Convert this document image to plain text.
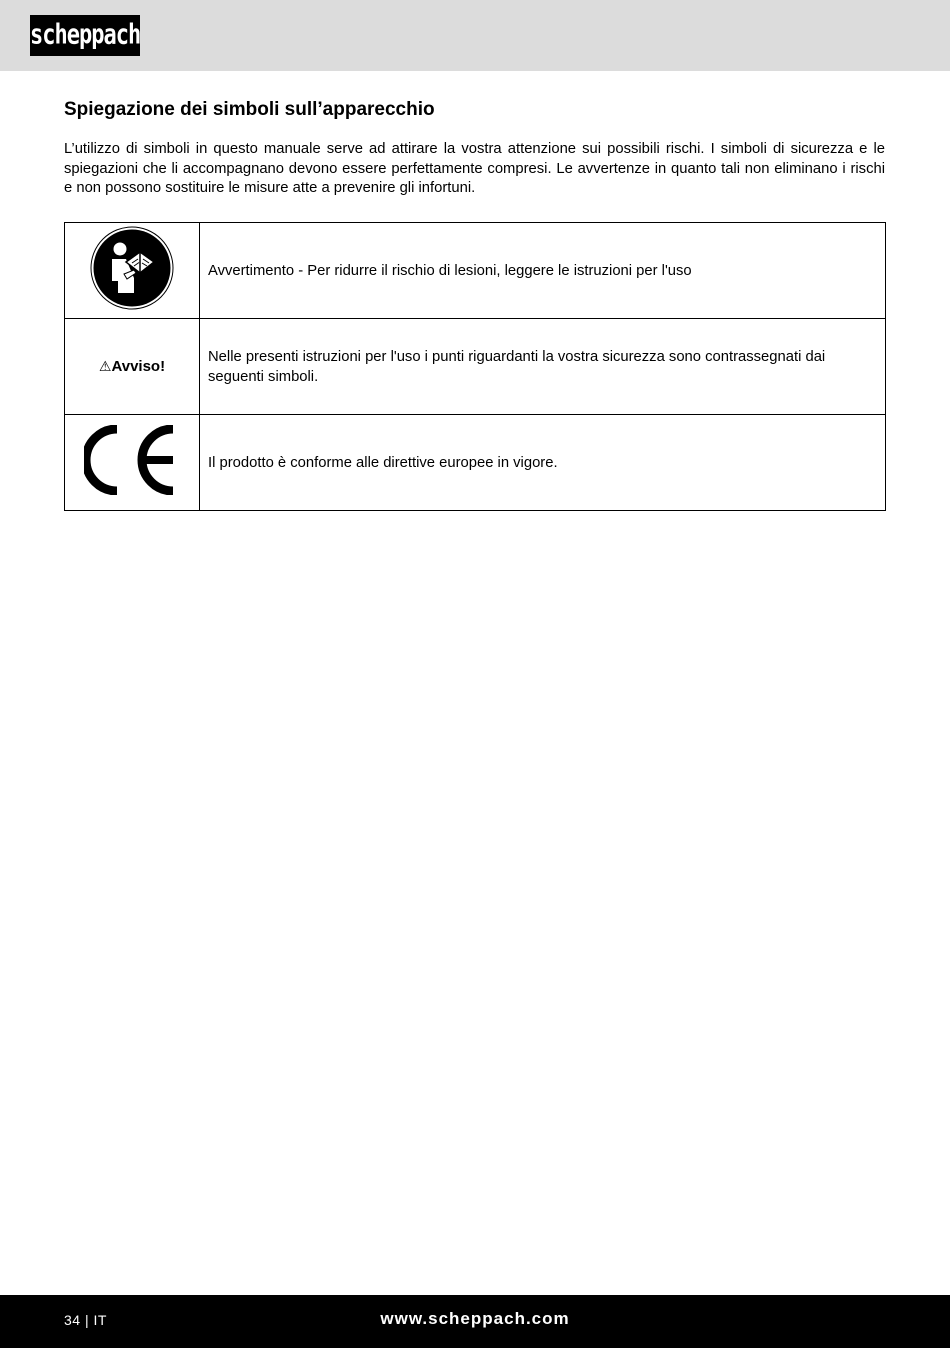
scheppach
Spiegazione dei simboli sull’apparecchio

L’utilizzo di simboli in questo manuale serve ad attirare la vostra attenzione sui possibili rischi. I simboli di sicurezza e le spiegazioni che li accompagnano devono essere perfettamente compresi. Le avvertenze in quanto tali non eliminano i rischi e non possono sostituire le misure atte a prevenire gli infortuni.

	Avvertimento - Per ridurre il rischio di lesioni, leggere le istruzioni per l'uso
⚠Avviso!	Nelle presenti istruzioni per l'uso i punti riguardanti la vostra sicurezza sono contrassegnati dai seguenti simboli.
	Il prodotto è conforme alle direttive europee in vigore.
34 | IT	www.scheppach.com
